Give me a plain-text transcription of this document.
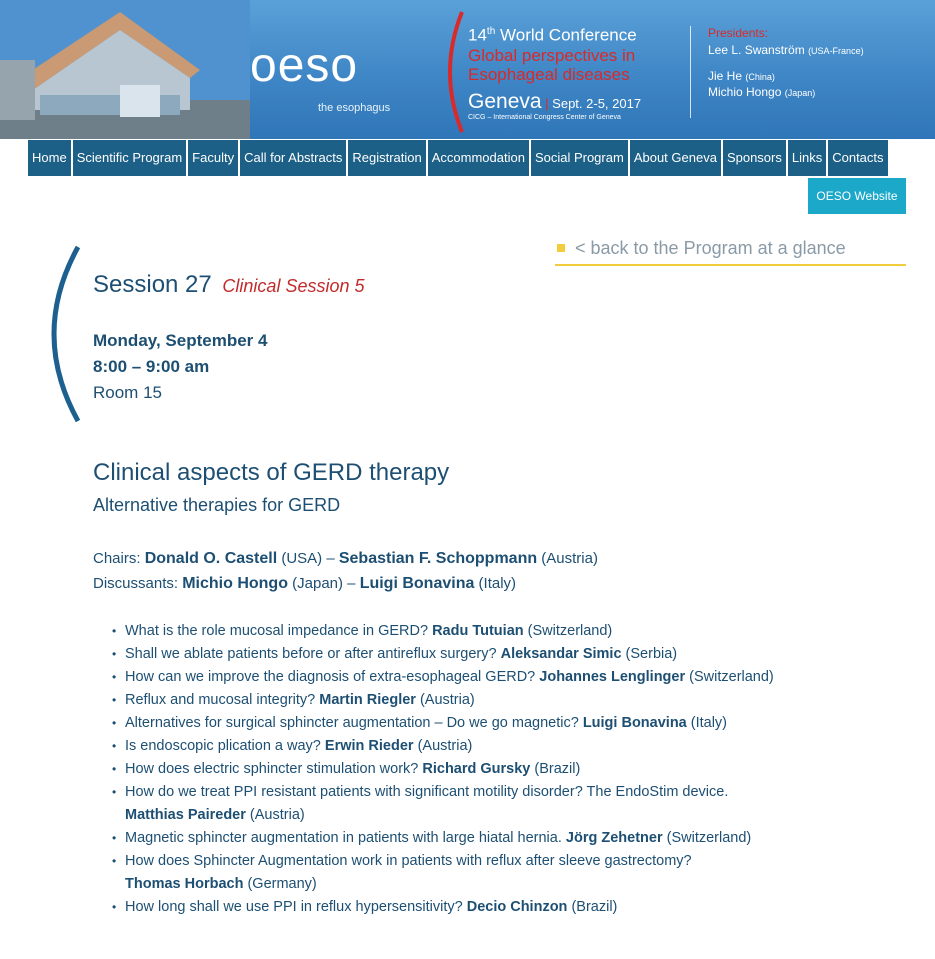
oeso
the esophagus
14th World Conference
Global perspectives in
Esophageal diseases
Geneva | Sept. 2-5, 2017
CICG – International Congress Center of Geneva
Presidents:
Lee L. Swanström (USA-France)
Jie He (China)
Michio Hongo (Japan)
Home Scientific Program Faculty Call for Abstracts Registration Accommodation Social Program About Geneva Sponsors Links Contacts
OESO Website
< back to the Program at a glance
Session 27 Clinical Session 5
Monday, September 4
8:00 – 9:00 am
Room 15
Clinical aspects of GERD therapy
Alternative therapies for GERD
Chairs: Donald O. Castell (USA) – Sebastian F. Schoppmann (Austria)
Discussants: Michio Hongo (Japan) – Luigi Bonavina (Italy)
• What is the role mucosal impedance in GERD? Radu Tutuian (Switzerland)
• Shall we ablate patients before or after antireflux surgery? Aleksandar Simic (Serbia)
• How can we improve the diagnosis of extra-esophageal GERD? Johannes Lenglinger (Switzerland)
• Reflux and mucosal integrity? Martin Riegler (Austria)
• Alternatives for surgical sphincter augmentation – Do we go magnetic? Luigi Bonavina (Italy)
• Is endoscopic plication a way? Erwin Rieder (Austria)
• How does electric sphincter stimulation work? Richard Gursky (Brazil)
• How do we treat PPI resistant patients with significant motility disorder? The EndoStim device.
Matthias Paireder (Austria)
• Magnetic sphincter augmentation in patients with large hiatal hernia. Jörg Zehetner (Switzerland)
• How does Sphincter Augmentation work in patients with reflux after sleeve gastrectomy?
Thomas Horbach (Germany)
• How long shall we use PPI in reflux hypersensitivity? Decio Chinzon (Brazil)
